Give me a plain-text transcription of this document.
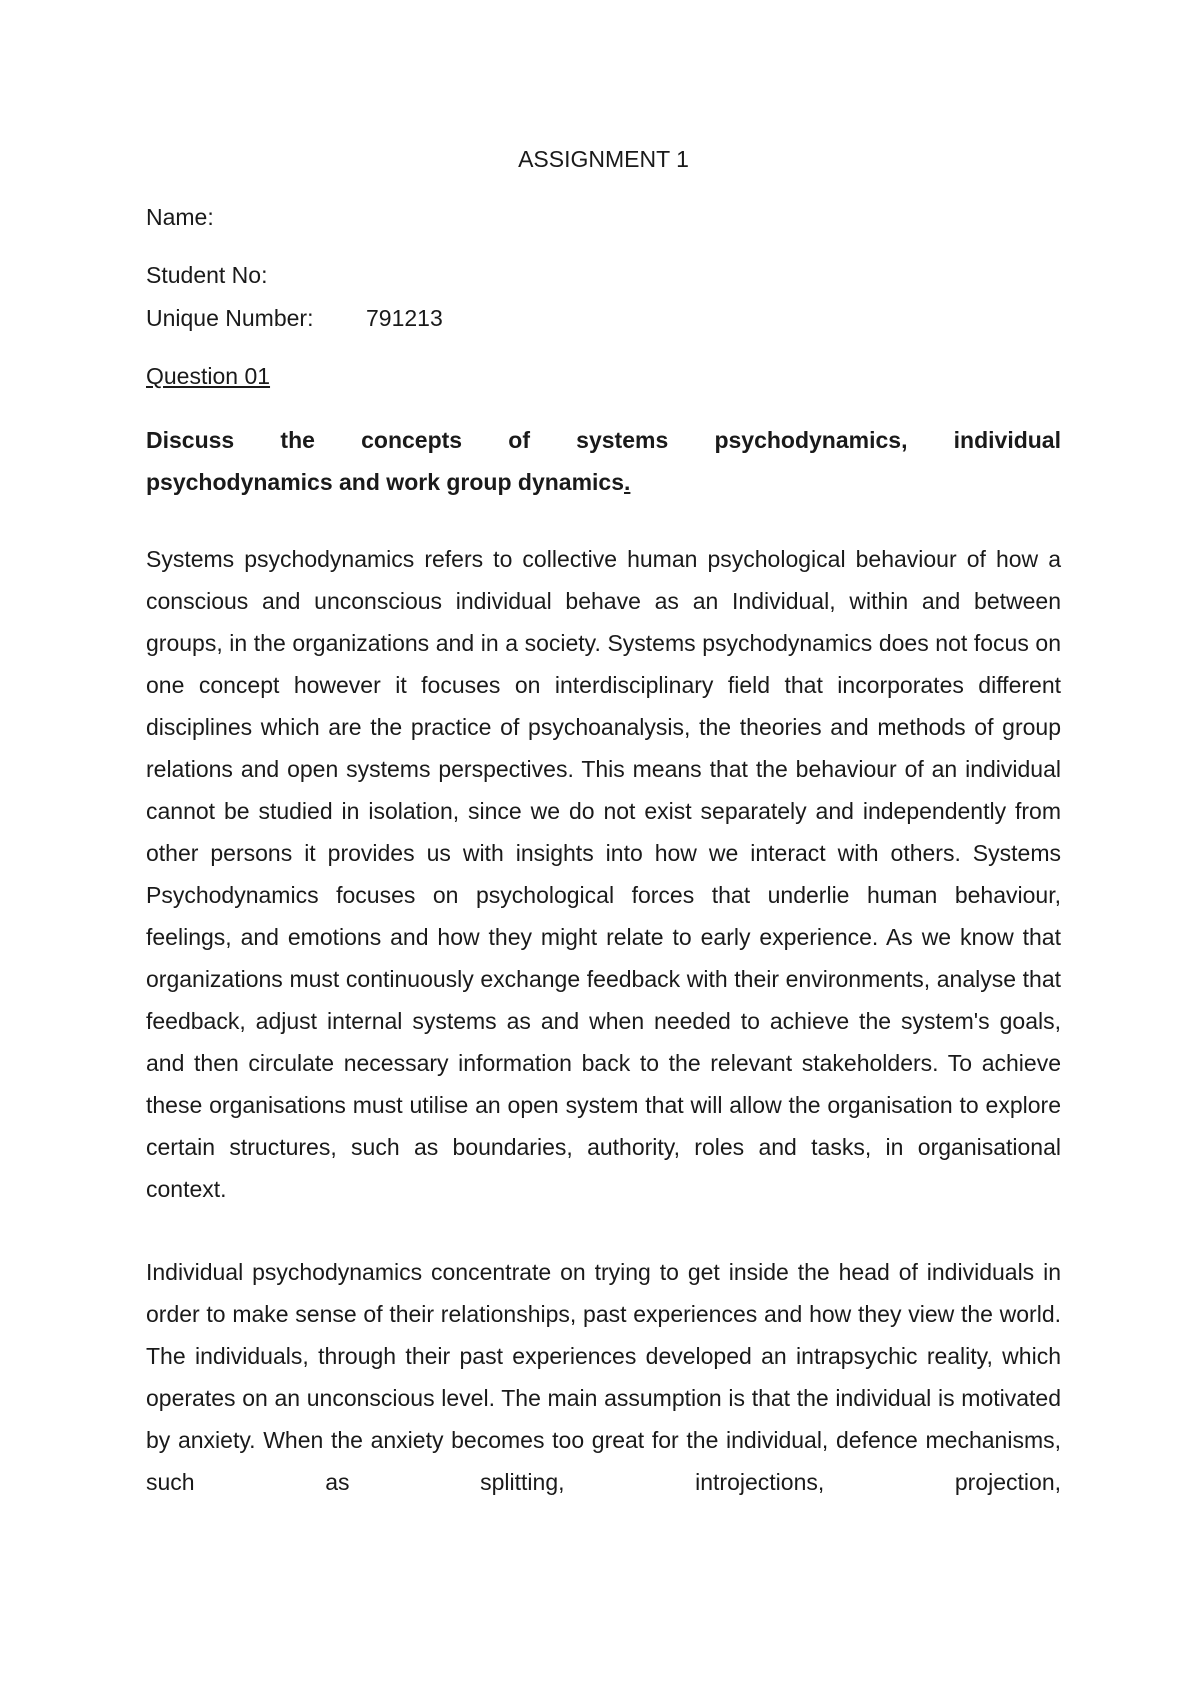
ASSIGNMENT 1
Name:
Student No:
Unique Number: 791213
Question 01
Discuss the concepts of systems psychodynamics, individual
psychodynamics and work group dynamics.

Systems psychodynamics refers to collective human psychological behaviour of how a conscious and unconscious individual behave as an Individual, within and between groups, in the organizations and in a society. Systems psychodynamics does not focus on one concept however it focuses on interdisciplinary field that incorporates different disciplines which are the practice of psychoanalysis, the theories and methods of group relations and open systems perspectives. This means that the behaviour of an individual cannot be studied in isolation, since we do not exist separately and independently from other persons it provides us with insights into how we interact with others. Systems Psychodynamics focuses on psychological forces that underlie human behaviour, feelings, and emotions and how they might relate to early experience. As we know that organizations must continuously exchange feedback with their environments, analyse that feedback, adjust internal systems as and when needed to achieve the system's goals, and then circulate necessary information back to the relevant stakeholders. To achieve these organisations must utilise an open system that will allow the organisation to explore certain structures, such as boundaries, authority, roles and tasks, in organisational context.

Individual psychodynamics concentrate on trying to get inside the head of individuals in order to make sense of their relationships, past experiences and how they view the world. The individuals, through their past experiences developed an intrapsychic reality, which operates on an unconscious level. The main assumption is that the individual is motivated by anxiety. When the anxiety becomes too great for the individual, defence mechanisms, such as splitting, introjections, projection,
